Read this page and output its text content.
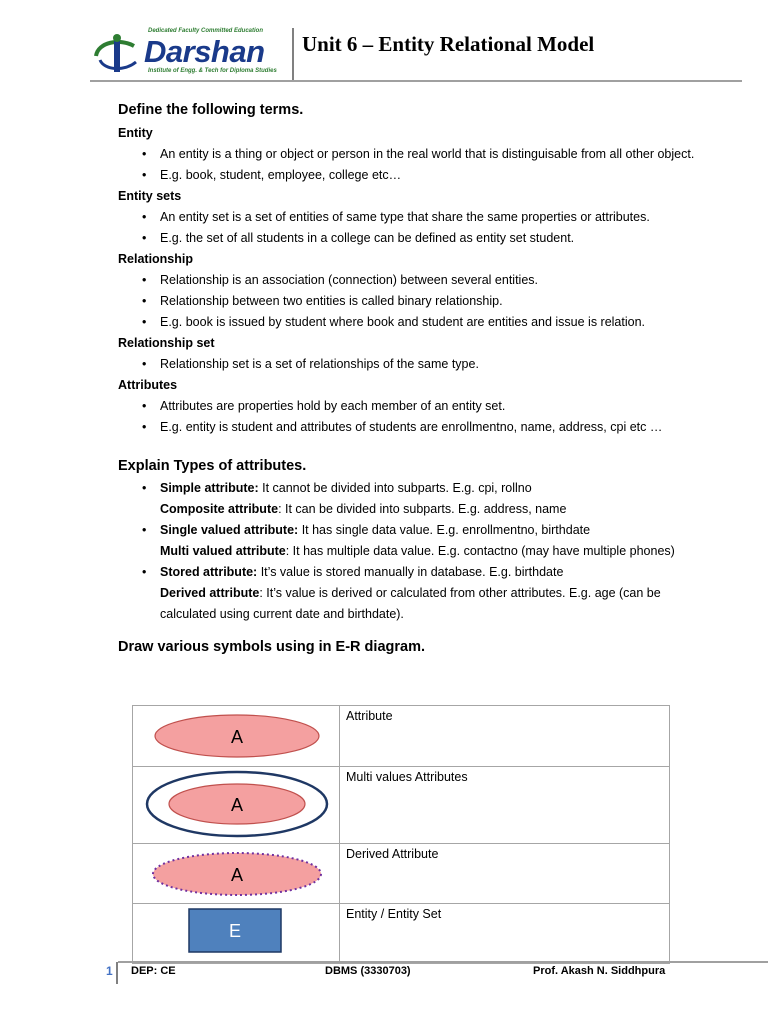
Dedicated Faculty Committed Education
Darshan
Institute of Engg. & Tech for Diploma Studies
Unit 6 – Entity Relational Model

Define the following terms.

Entity
• An entity is a thing or object or person in the real world that is distinguisable from all other object.
• E.g. book, student, employee, college etc…
Entity sets
• An entity set is a set of entities of same type that share the same properties or attributes.
• E.g. the set of all students in a college can be defined as entity set student.
Relationship
• Relationship is an association (connection) between several entities.
• Relationship between two entities is called binary relationship.
• E.g. book is issued by student where book and student are entities and issue is relation.
Relationship set
• Relationship set is a set of relationships of the same type.
Attributes
• Attributes are properties hold by each member of an entity set.
• E.g. entity is student and attributes of students are enrollmentno, name, address, cpi etc …

Explain Types of attributes.

• Simple attribute: It cannot be divided into subparts. E.g. cpi, rollno
Composite attribute: It can be divided into subparts. E.g. address, name
• Single valued attribute: It has single data value. E.g. enrollmentno, birthdate
Multi valued attribute: It has multiple data value. E.g. contactno (may have multiple phones)
• Stored attribute: It’s value is stored manually in database. E.g. birthdate
Derived attribute: It’s value is derived or calculated from other attributes. E.g. age (can be calculated using current date and birthdate).

Draw various symbols using in E-R diagram.

A	Attribute

A	Multi values Attributes

A	Derived Attribute

E	Entity / Entity Set
1 DEP: CE	DBMS (3330703)	Prof. Akash N. Siddhpura
